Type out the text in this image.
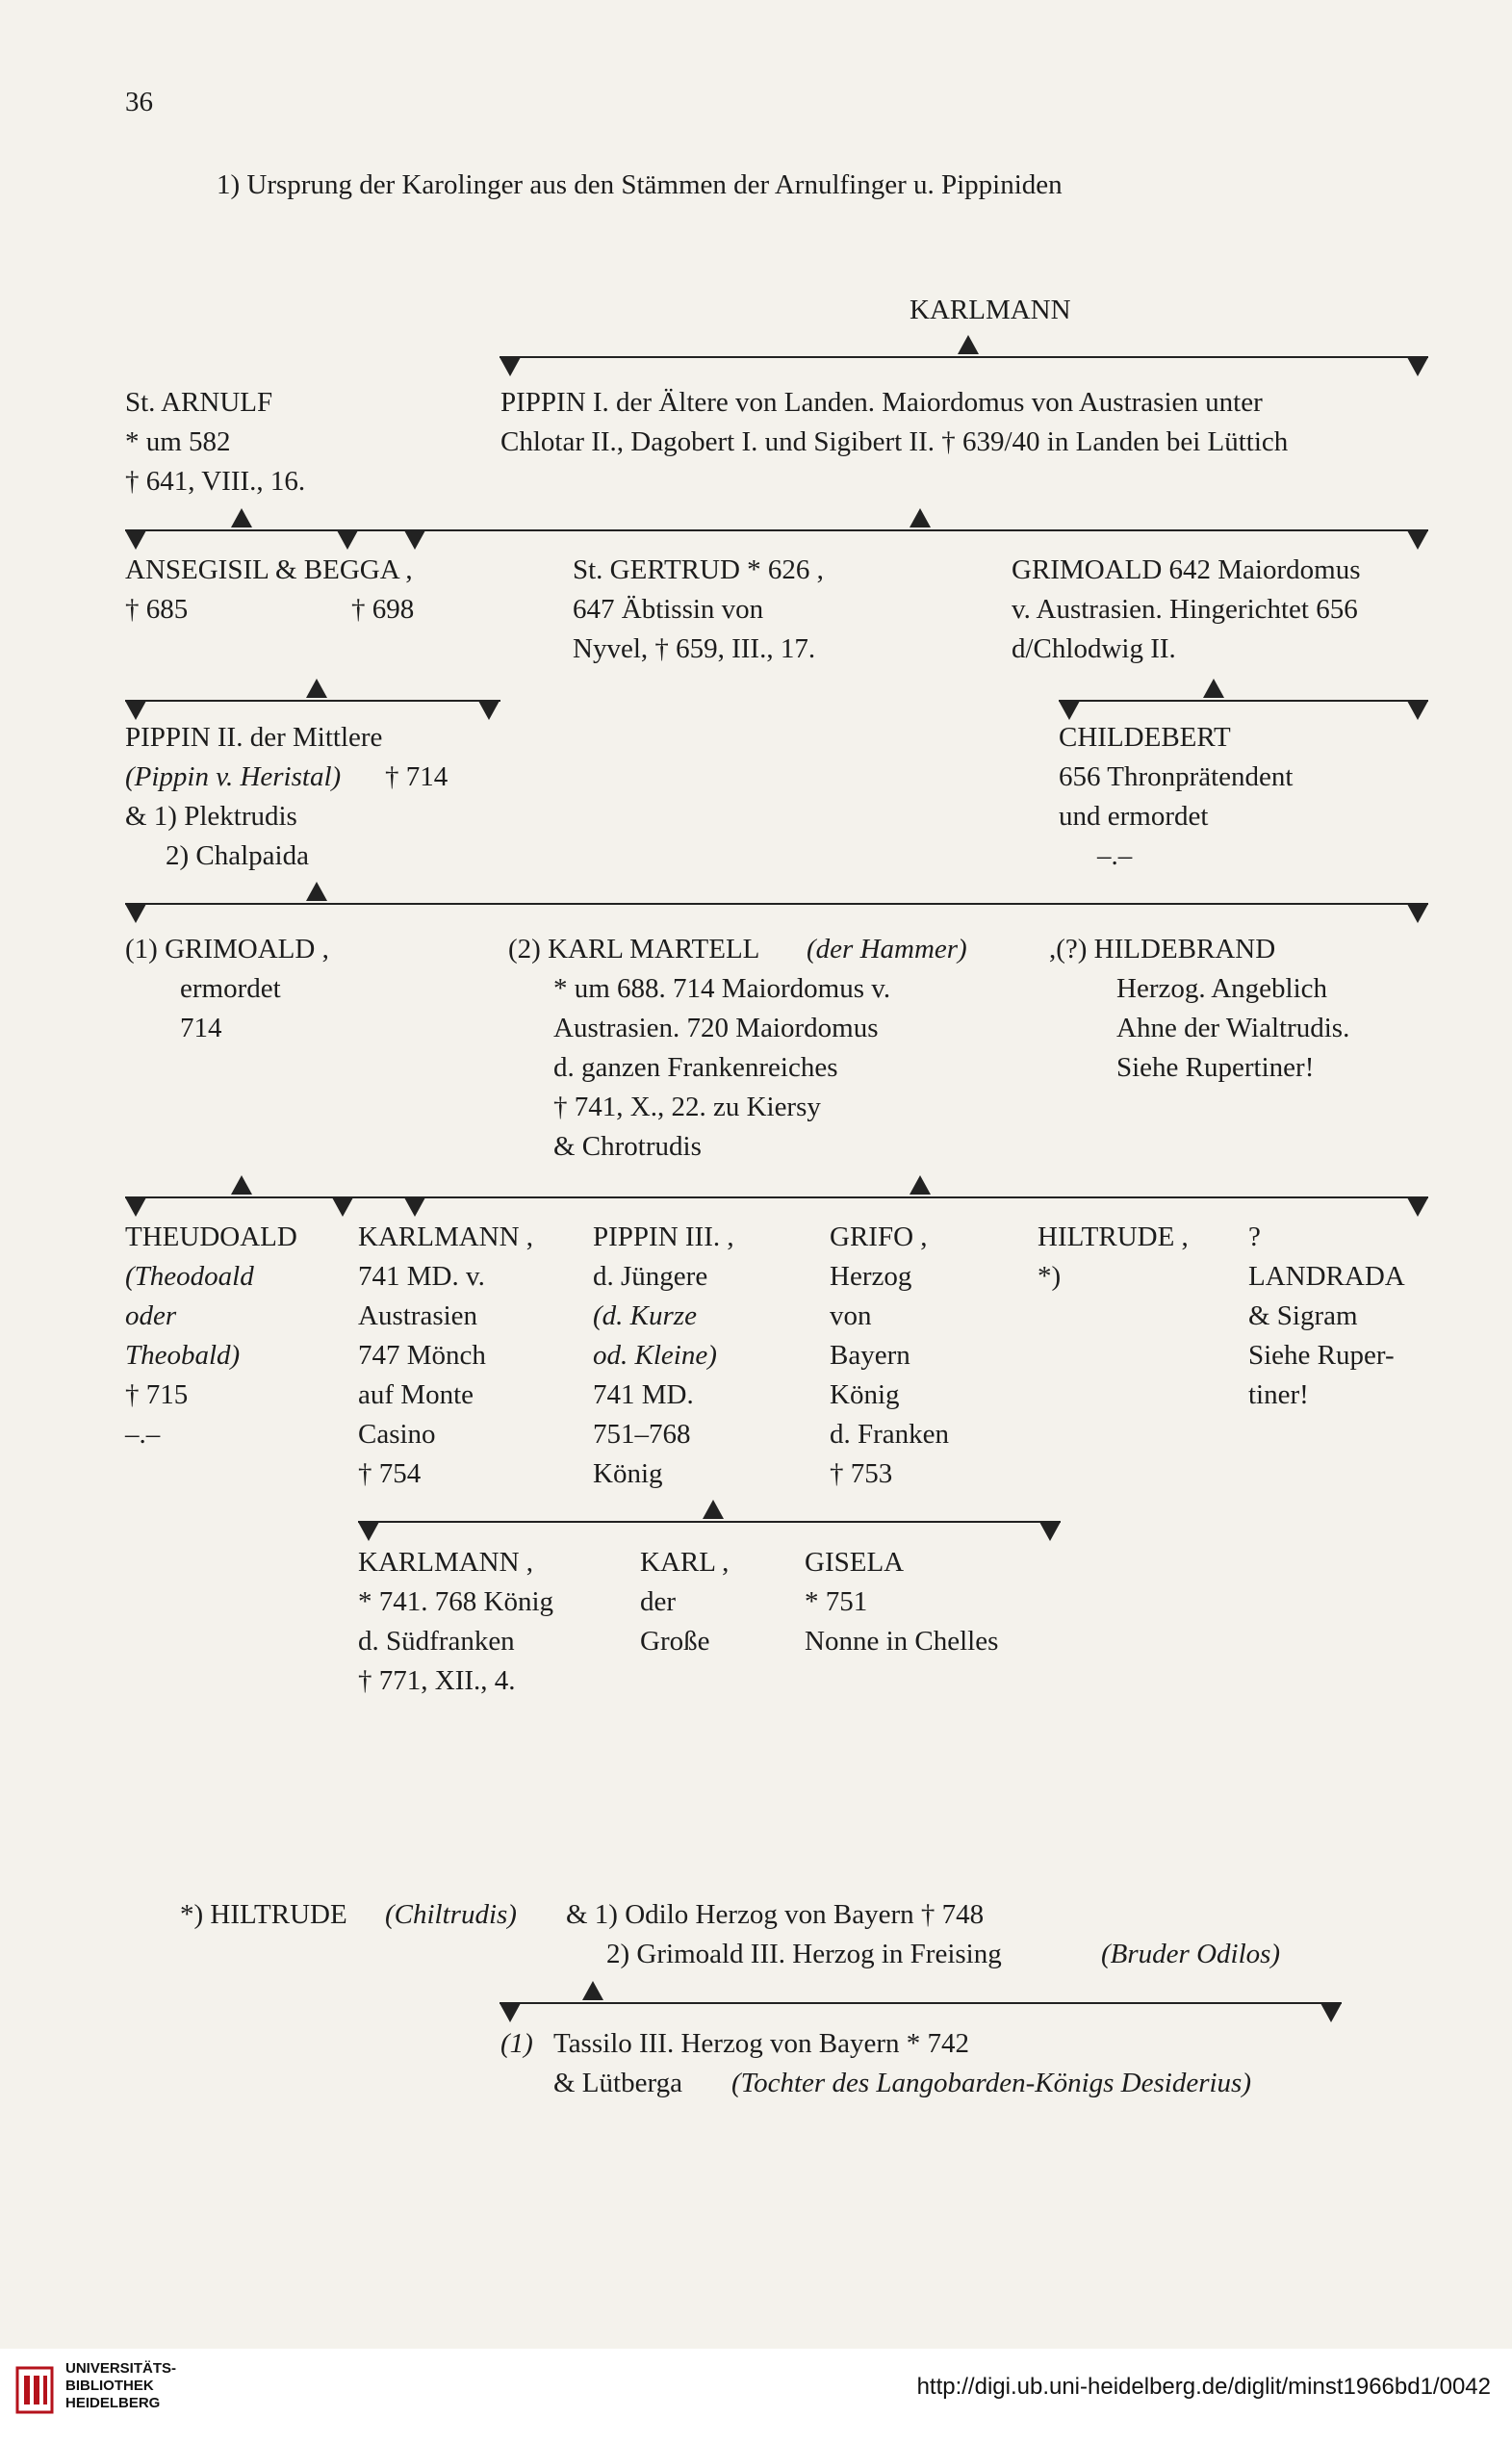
36
1) Ursprung der Karolinger aus den Stämmen der Arnulfinger u. Pippiniden
KARLMANN
St. ARNULF
* um 582
† 641, VIII., 16.
PIPPIN I. der Ältere von Landen. Maiordomus von Austrasien unter
Chlotar II., Dagobert I. und Sigibert II. † 639/40 in Landen bei Lüttich
ANSEGISIL & BEGGA ,
† 685	† 698
St. GERTRUD * 626 ,
647 Äbtissin von
Nyvel, † 659, III., 17.
GRIMOALD 642 Maiordomus
v. Austrasien. Hingerichtet 656
d/Chlodwig II.
PIPPIN II. der Mittlere
(Pippin v. Heristal) † 714
& 1) Plektrudis
2) Chalpaida
CHILDEBERT
656 Thronprätendent
und ermordet
–.–
(1) GRIMOALD ,
ermordet
714
(2) KARL MARTELL (der Hammer)
* um 688. 714 Maiordomus v.
Austrasien. 720 Maiordomus
d. ganzen Frankenreiches
† 741, X., 22. zu Kiersy
& Chrotrudis
,(?) HILDEBRAND
Herzog. Angeblich
Ahne der Wialtrudis.
Siehe Rupertiner!
THEUDOALD
(Theodoald
oder
Theobald)
† 715
–.–
KARLMANN ,
741 MD. v.
Austrasien
747 Mönch
auf Monte
Casino
† 754
PIPPIN III. ,
d. Jüngere
(d. Kurze
od. Kleine)
741 MD.
751–768
König
GRIFO ,
Herzog
von
Bayern
König
d. Franken
† 753
HILTRUDE ,
*)
?
LANDRADA
& Sigram
Siehe Ruper-
tiner!
KARLMANN ,
* 741. 768 König
d. Südfranken
† 771, XII., 4.
KARL ,
der
Große
GISELA
* 751
Nonne in Chelles
*) HILTRUDE (Chiltrudis) & 1) Odilo Herzog von Bayern † 748
2) Grimoald III. Herzog in Freising	(Bruder Odilos)
(1) Tassilo III. Herzog von Bayern * 742
& Lütberga (Tochter des Langobarden-Königs Desiderius)
UNIVERSITÄTS-
BIBLIOTHEK
HEIDELBERG
http://digi.ub.uni-heidelberg.de/diglit/minst1966bd1/0042
